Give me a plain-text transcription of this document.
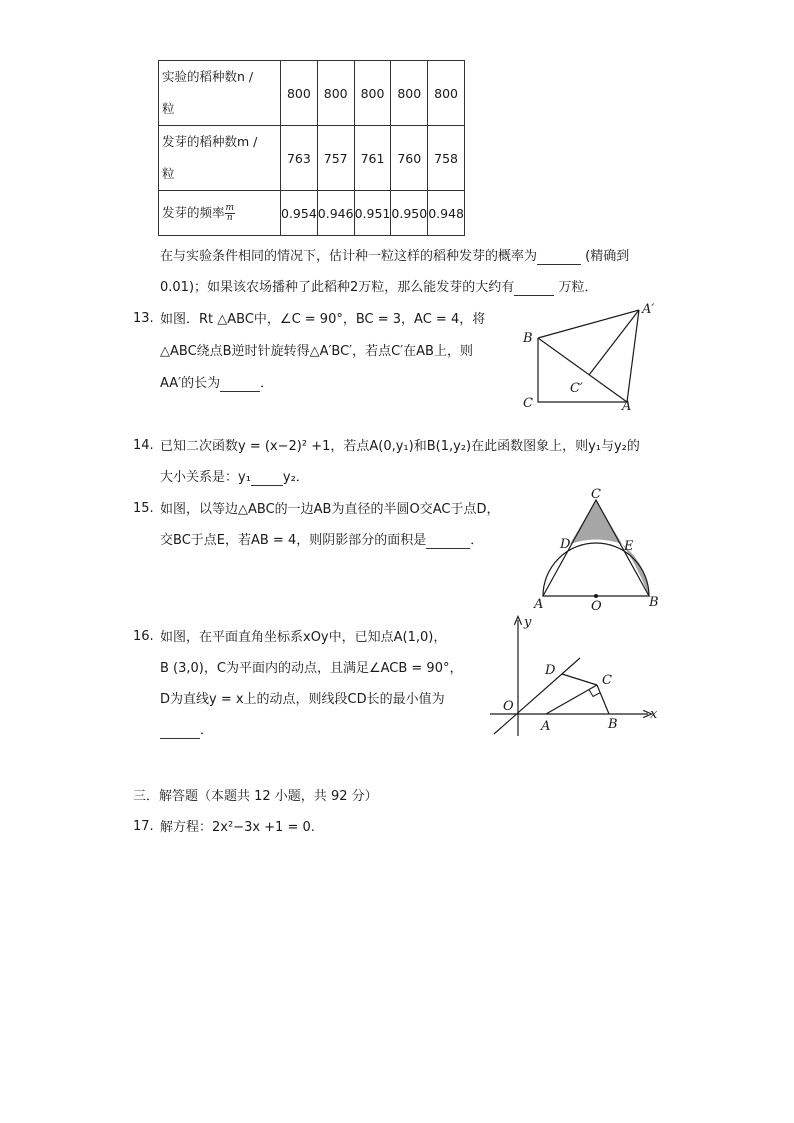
实验的稻种数n /
粒	800	800	800	800	800

发芽的稻种数m /
粒	763	757	761	760	758
发芽的频率 $\frac{m}{n}$	0.954	0.946	0.951	0.950	0.948
在与实验条件相同的情况下，估计种一粒这样的稻种发芽的概率为	(精确到
0.01)；如果该农场播种了此稻种2万粒，那么能发芽的大约有	万粒．
13. 如图．Rt △ABC中，∠C = 90°，BC = 3，AC = 4，将
△ABC绕点B逆时针旋转得△A′BC′，若点C′在AB上，则
AA′的长为	．
B
C	A
A′
C′
14. 已知二次函数y = (x−2)² +1，若点A(0,y₁)和B(1,y₂)在此函数图象上，则y₁与y₂的
大小关系是：y₁ y₂．
15. 如图，以等边△ABC的一边AB为直径的半圆O交AC于点D，
交BC于点E，若AB = 4，则阴影部分的面积是	．
C
D	E
A	O	B
16. 如图，在平面直角坐标系xOy中，已知点A(1,0)，
B (3,0)，C为平面内的动点，且满足∠ACB = 90°，
D为直线y = x上的动点，则线段CD长的最小值为
．
y
x
O
A	B
C
D
三．解答题（本题共 12 小题，共 92 分）
17. 解方程：2x²−3x +1 = 0.
